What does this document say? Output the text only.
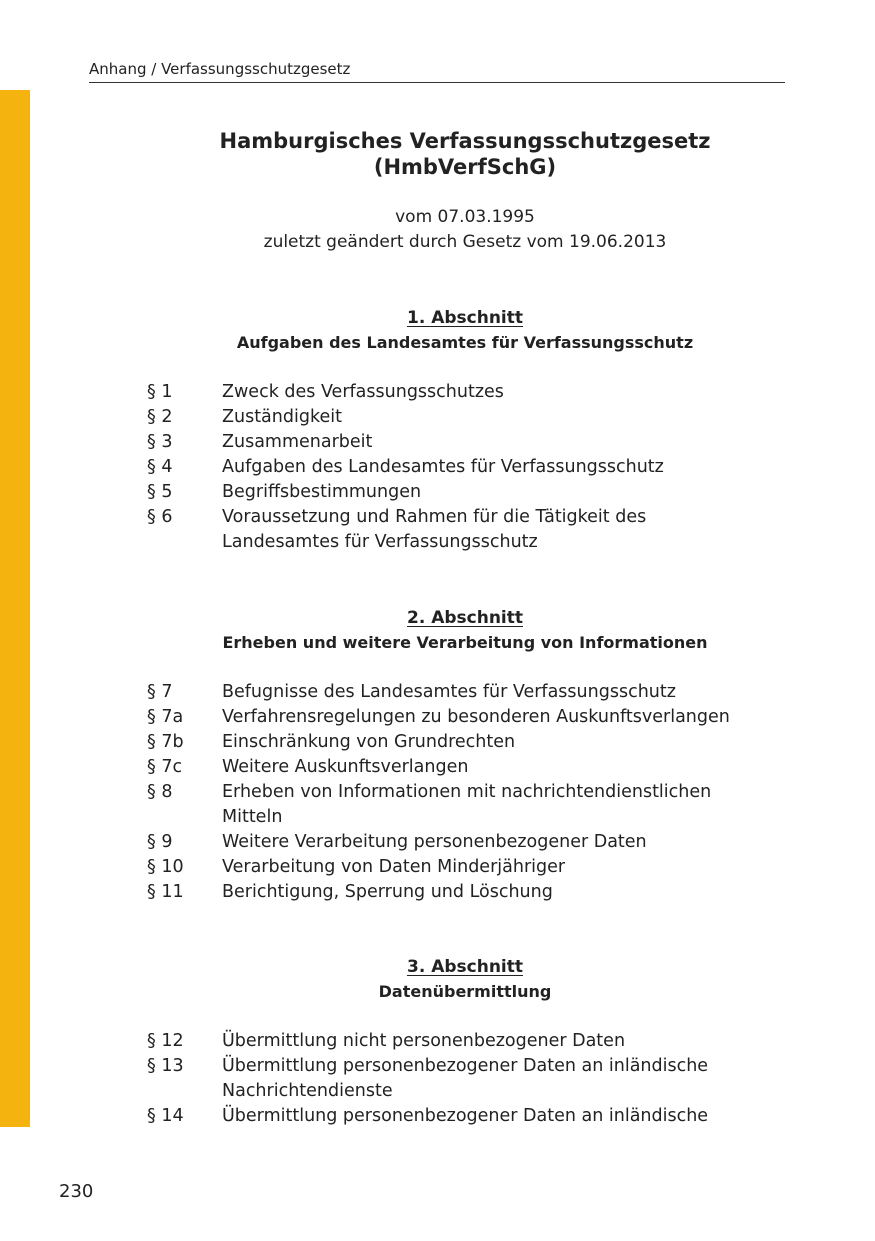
Anhang / Verfassungsschutzgesetz
Hamburgisches Verfassungsschutzgesetz
(HmbVerfSchG)
vom 07.03.1995
zuletzt geändert durch Gesetz vom 19.06.2013
1. Abschnitt
Aufgaben des Landesamtes für Verfassungsschutz
§ 1	Zweck des Verfassungsschutzes
§ 2	Zuständigkeit
§ 3	Zusammenarbeit
§ 4	Aufgaben des Landesamtes für Verfassungsschutz
§ 5	Begriffsbestimmungen
§ 6	Voraussetzung und Rahmen für die Tätigkeit des Landesamtes für Verfassungsschutz
2. Abschnitt
Erheben und weitere Verarbeitung von Informationen
§ 7	Befugnisse des Landesamtes für Verfassungsschutz
§ 7a	Verfahrensregelungen zu besonderen Auskunftsverlangen
§ 7b	Einschränkung von Grundrechten
§ 7c	Weitere Auskunftsverlangen
§ 8	Erheben von Informationen mit nachrichtendienstlichen Mitteln
§ 9	Weitere Verarbeitung personenbezogener Daten
§ 10	Verarbeitung von Daten Minderjähriger
§ 11	Berichtigung, Sperrung und Löschung
3. Abschnitt
Datenübermittlung
§ 12	Übermittlung nicht personenbezogener Daten
§ 13	Übermittlung personenbezogener Daten an inländische Nachrichtendienste
§ 14	Übermittlung personenbezogener Daten an inländische
230
